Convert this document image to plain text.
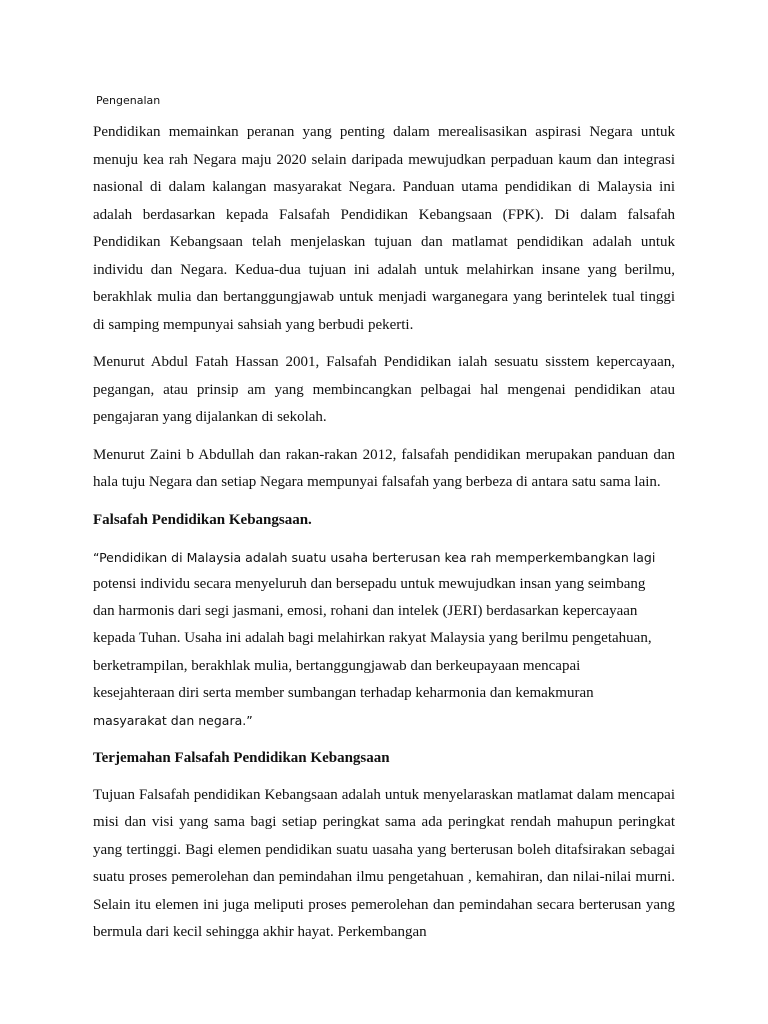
Pengenalan

Pendidikan memainkan peranan yang penting dalam merealisasikan aspirasi Negara untuk menuju kea rah Negara maju 2020 selain daripada mewujudkan perpaduan kaum dan integrasi nasional di dalam kalangan masyarakat Negara. Panduan utama pendidikan di Malaysia ini adalah berdasarkan kepada Falsafah Pendidikan Kebangsaan (FPK). Di dalam falsafah Pendidikan Kebangsaan telah menjelaskan tujuan dan matlamat pendidikan adalah untuk individu dan Negara. Kedua-dua tujuan ini adalah untuk melahirkan insane yang berilmu, berakhlak mulia dan bertanggungjawab untuk menjadi warganegara yang berintelek tual tinggi di samping mempunyai sahsiah yang berbudi pekerti.

Menurut Abdul Fatah Hassan 2001, Falsafah Pendidikan ialah sesuatu sisstem kepercayaan, pegangan, atau prinsip am yang membincangkan pelbagai hal mengenai pendidikan atau pengajaran yang dijalankan di sekolah.

Menurut Zaini b Abdullah dan rakan-rakan 2012, falsafah pendidikan merupakan panduan dan hala tuju Negara dan setiap Negara mempunyai falsafah yang berbeza di antara satu sama lain.

Falsafah Pendidikan Kebangsaan.
“Pendidikan di Malaysia adalah suatu usaha berterusan kea rah memperkembangkan lagi
potensi individu secara menyeluruh dan bersepadu untuk mewujudkan insan yang seimbang
dan harmonis dari segi jasmani, emosi, rohani dan intelek (JERI) berdasarkan kepercayaan
kepada Tuhan. Usaha ini adalah bagi melahirkan rakyat Malaysia yang berilmu pengetahuan,
berketrampilan, berakhlak mulia, bertanggungjawab dan berkeupayaan mencapai
kesejahteraan diri serta member sumbangan terhadap keharmonia dan kemakmuran
masyarakat dan negara.”
Terjemahan Falsafah Pendidikan Kebangsaan

Tujuan Falsafah pendidikan Kebangsaan adalah untuk menyelaraskan matlamat dalam mencapai misi dan visi yang sama bagi setiap peringkat sama ada peringkat rendah mahupun peringkat yang tertinggi. Bagi elemen pendidikan suatu uasaha yang berterusan boleh ditafsirakan sebagai suatu proses pemerolehan dan pemindahan ilmu pengetahuan , kemahiran, dan nilai-nilai murni. Selain itu elemen ini juga meliputi proses pemerolehan dan pemindahan secara berterusan yang bermula dari kecil sehingga akhir hayat. Perkembangan
